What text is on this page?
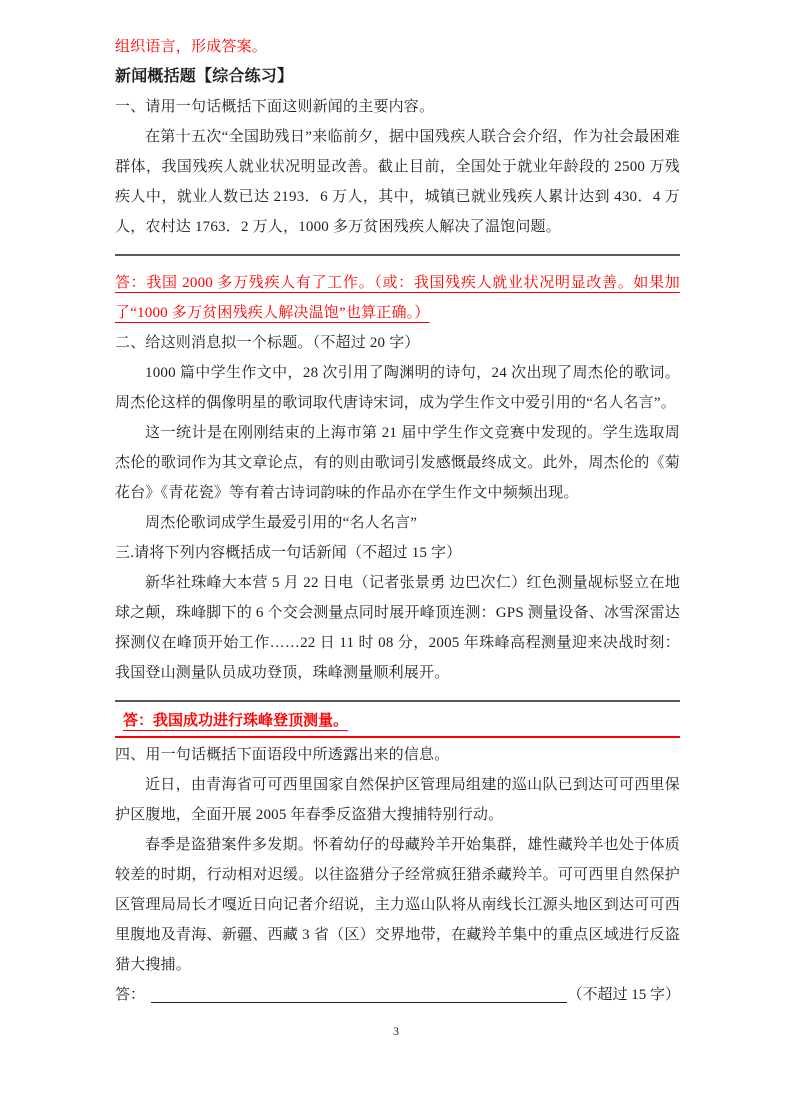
组织语言，形成答案。

新闻概括题【综合练习】

一、请用一句话概括下面这则新闻的主要内容。

在第十五次“全国助残日”来临前夕，据中国残疾人联合会介绍，作为社会最困难群体，我国残疾人就业状况明显改善。截止目前，全国处于就业年龄段的 2500 万残疾人中，就业人数已达 2193．6 万人，其中，城镇已就业残疾人累计达到 430．4 万人，农村达 1763．2 万人，1000 多万贫困残疾人解决了温饱问题。

答：我国 2000 多万残疾人有了工作。（或：我国残疾人就业状况明显改善。如果加了“1000 多万贫困残疾人解决温饱”也算正确。）

二、给这则消息拟一个标题。（不超过 20 字）

1000 篇中学生作文中，28 次引用了陶渊明的诗句，24 次出现了周杰伦的歌词。周杰伦这样的偶像明星的歌词取代唐诗宋词，成为学生作文中爱引用的“名人名言”。

这一统计是在刚刚结束的上海市第 21 届中学生作文竞赛中发现的。学生选取周杰伦的歌词作为其文章论点，有的则由歌词引发感慨最终成文。此外，周杰伦的《菊花台》《青花瓷》等有着古诗词韵味的作品亦在学生作文中频频出现。

周杰伦歌词成学生最爱引用的“名人名言”

三.请将下列内容概括成一句话新闻（不超过 15 字）

新华社珠峰大本营 5 月 22 日电（记者张景勇 边巴次仁）红色测量觇标竖立在地球之颠，珠峰脚下的 6 个交会测量点同时展开峰顶连测：GPS 测量设备、冰雪深雷达探测仪在峰顶开始工作……22 日 11 时 08 分，2005 年珠峰高程测量迎来决战时刻：我国登山测量队员成功登顶，珠峰测量顺利展开。

答：我国成功进行珠峰登顶测量。

四、用一句话概括下面语段中所透露出来的信息。

近日，由青海省可可西里国家自然保护区管理局组建的巡山队已到达可可西里保护区腹地，全面开展 2005 年春季反盗猎大搜捕特别行动。

春季是盗猎案件多发期。怀着幼仔的母藏羚羊开始集群，雄性藏羚羊也处于体质较差的时期，行动相对迟缓。以往盗猎分子经常疯狂猎杀藏羚羊。可可西里自然保护区管理局局长才嘎近日向记者介绍说，主力巡山队将从南线长江源头地区到达可可西里腹地及青海、新疆、西藏 3 省（区）交界地带，在藏羚羊集中的重点区域进行反盗猎大搜捕。

答：	（不超过 15 字）
3
